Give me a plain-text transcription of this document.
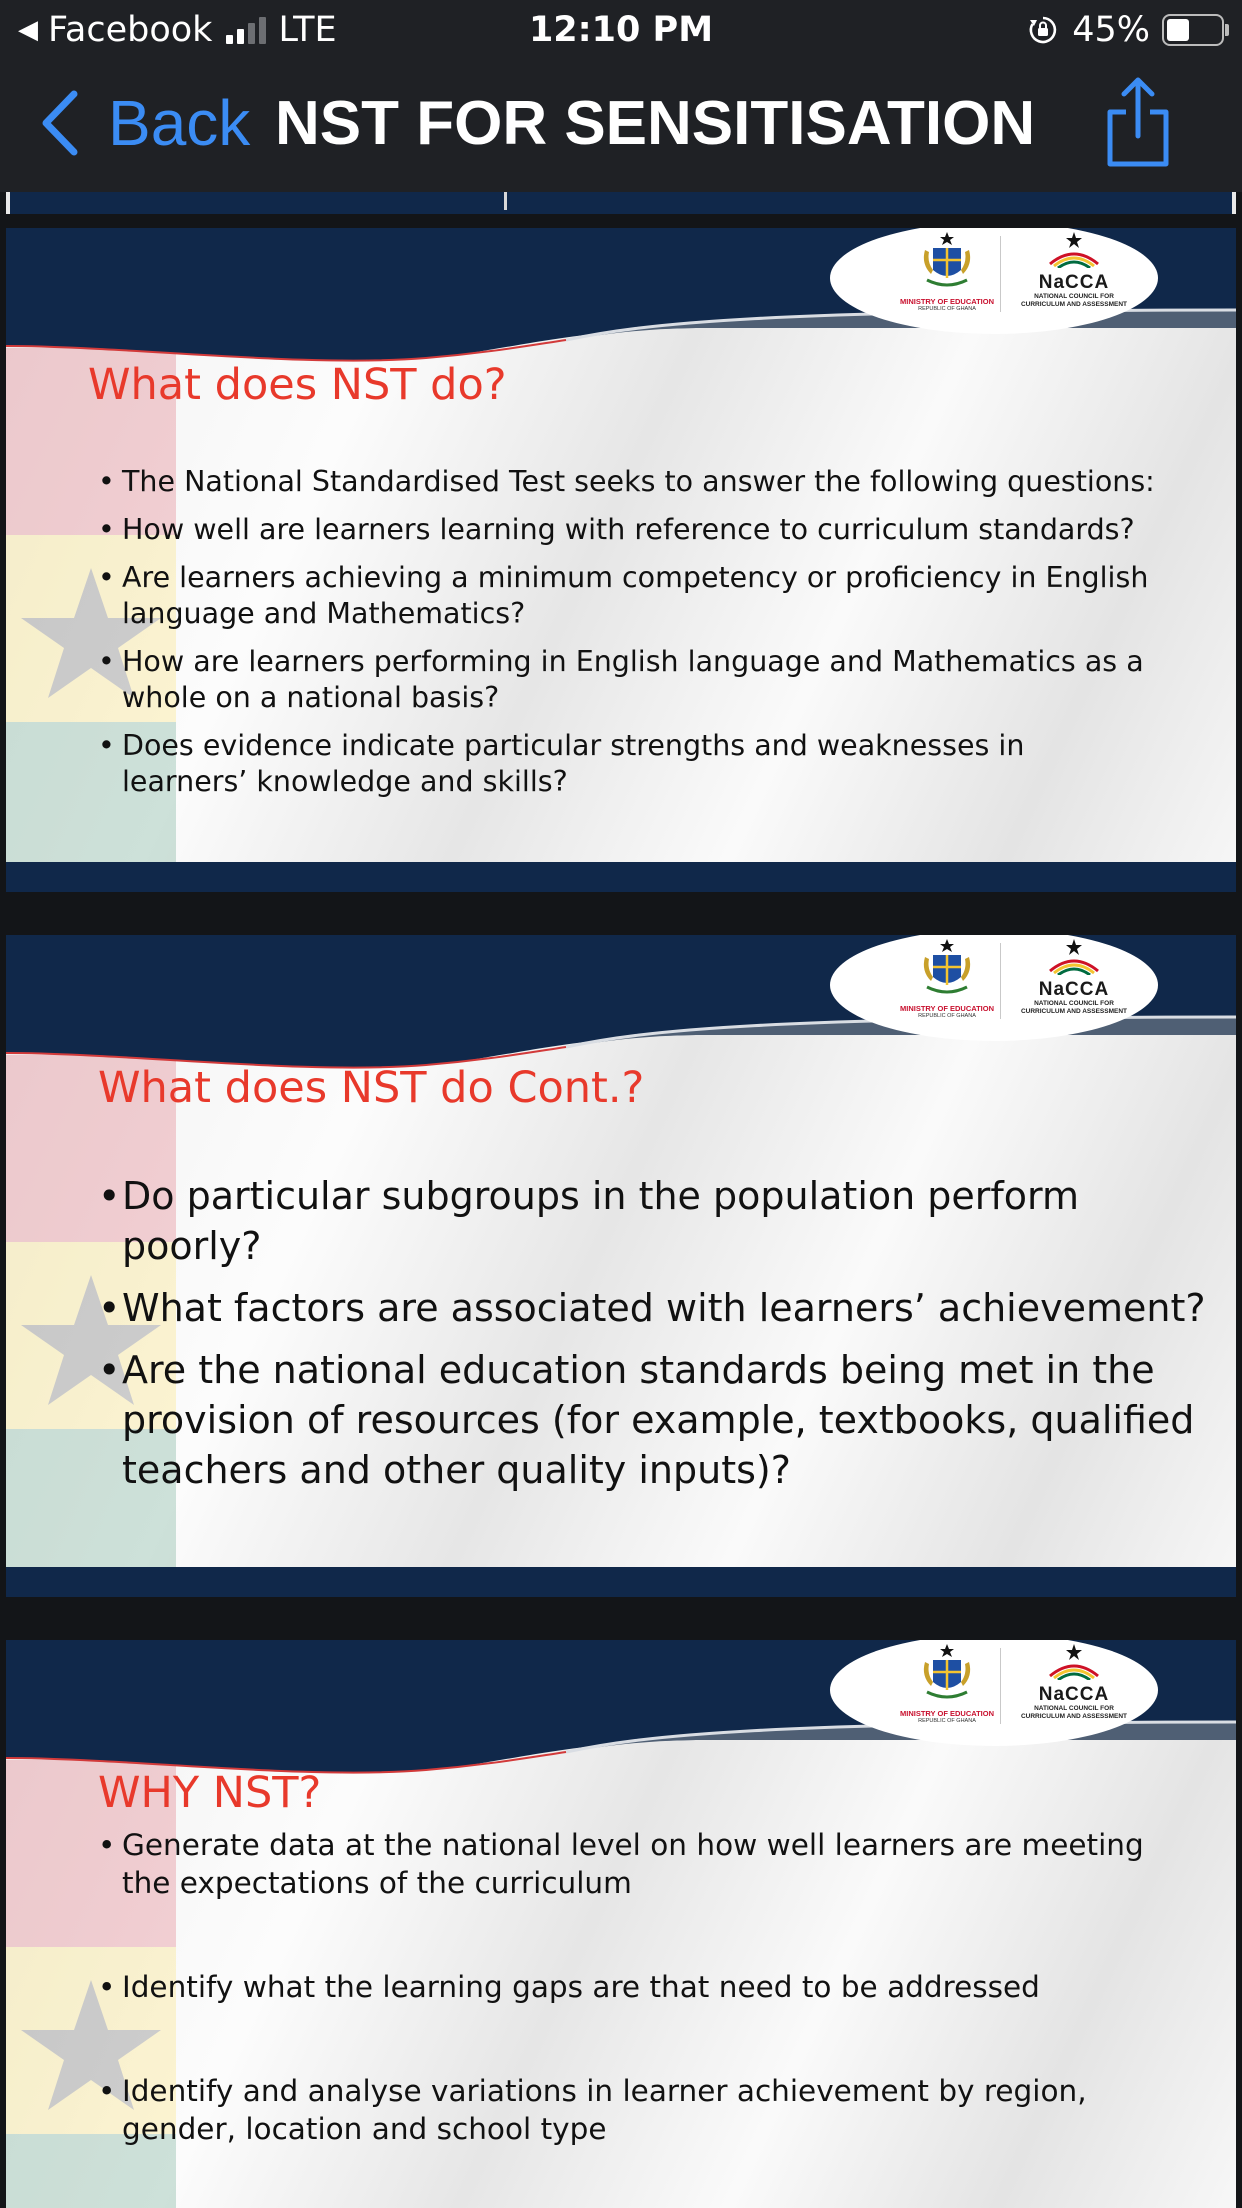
◀ Facebook LTE	12:10 PM	45%
Back NST FOR SENSITISATION
MINISTRY OF EDUCATION
REPUBLIC OF GHANA
NaCCA
NATIONAL COUNCIL FOR
CURRICULUM AND ASSESSMENT
What does NST do?
• The National Standardised Test seeks to answer the following questions:
• How well are learners learning with reference to curriculum standards?
• Are learners achieving a minimum competency or proficiency in English language and Mathematics?
• How are learners performing in English language and Mathematics as a whole on a national basis?
• Does evidence indicate particular strengths and weaknesses in learners’ knowledge and skills?
MINISTRY OF EDUCATION
REPUBLIC OF GHANA
NaCCA
NATIONAL COUNCIL FOR
CURRICULUM AND ASSESSMENT
What does NST do Cont.?
• Do particular subgroups in the population perform poorly?
• What factors are associated with learners’ achievement?
• Are the national education standards being met in the provision of resources (for example, textbooks, qualified teachers and other quality inputs)?
MINISTRY OF EDUCATION
REPUBLIC OF GHANA
NaCCA
NATIONAL COUNCIL FOR
CURRICULUM AND ASSESSMENT
WHY NST?
• Generate data at the national level on how well learners are meeting the expectations of the curriculum
• Identify what the learning gaps are that need to be addressed
• Identify and analyse variations in learner achievement by region, gender, location and school type
